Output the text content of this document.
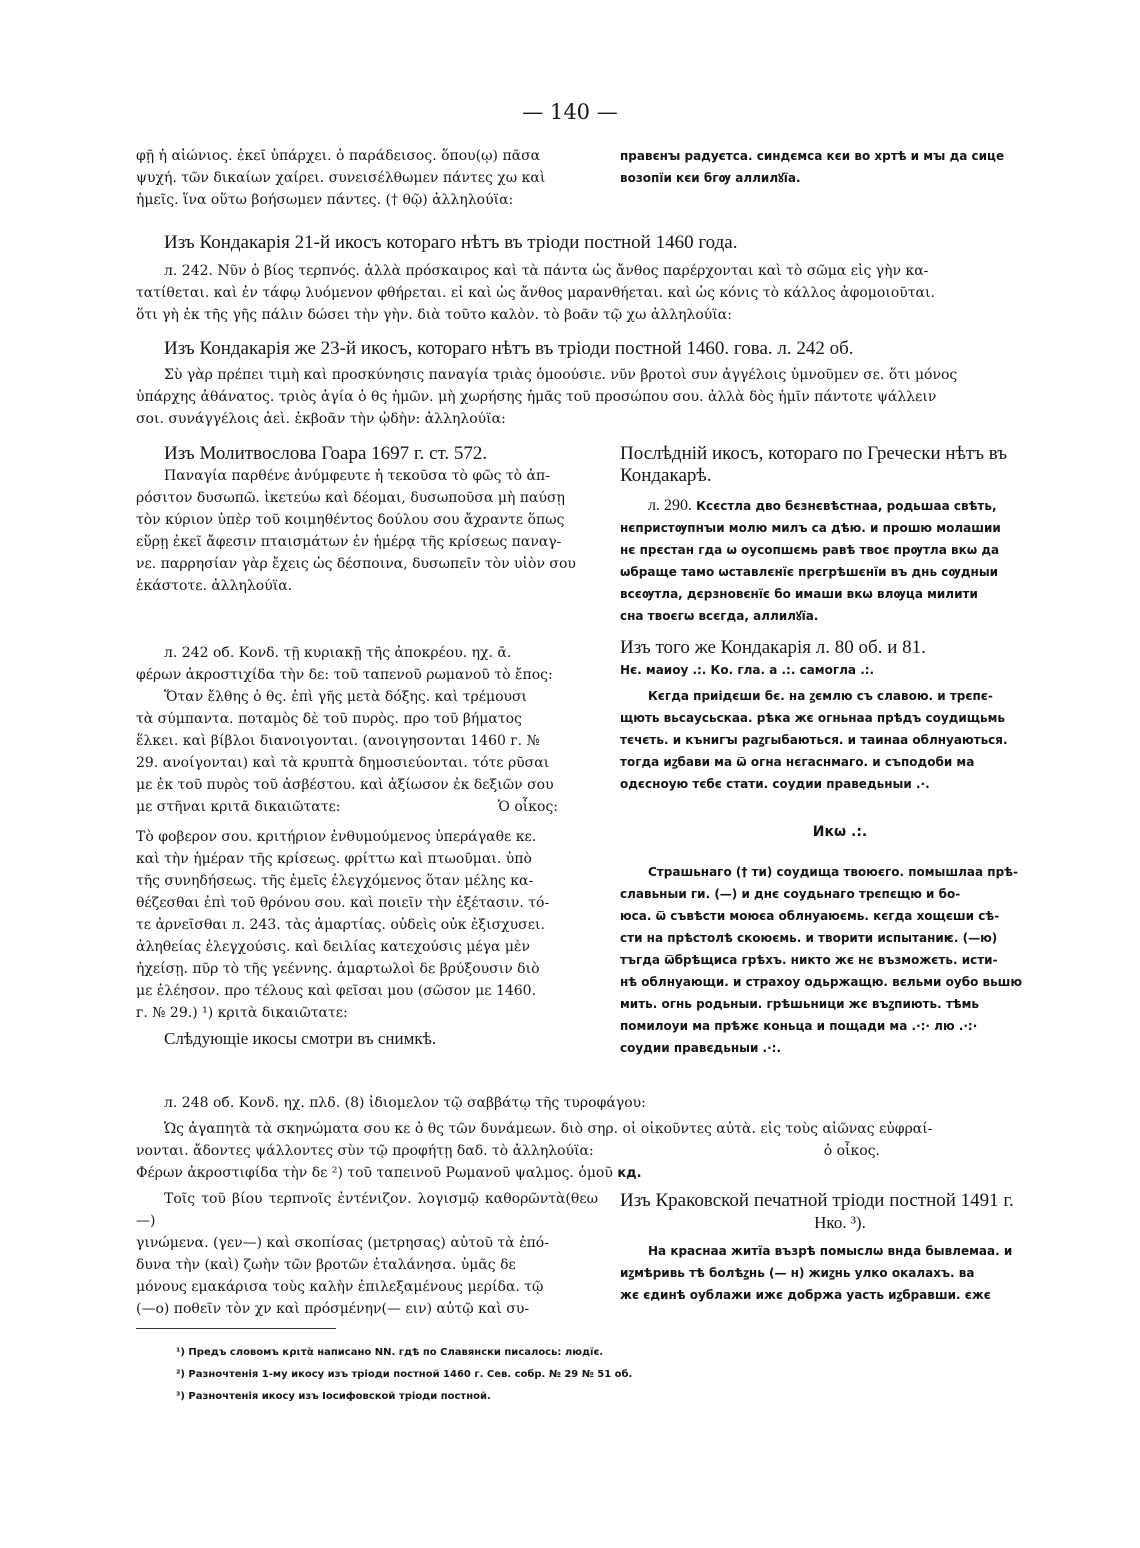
— 140 —

φῇ ἡ αἰώνιος. ἐκεῖ ὑπάρχει. ὁ παράδεισος. ὅπου(ῳ) πᾶσα

ψυχή. τῶν δικαίων χαίρει. συνεισέλθωμεν πάντες χω καὶ

ἡμεῖς. ἵνα οὕτω βοήσωμεν πάντες. († θῷ) ἀλληλούϊα:

правєнꙑ радуєтса. синдємса кєи во хртѣ и мꙑ да сице

возопїи кєи бгѹ аллилꙋїа.

Изъ Кондакарія 21-й икосъ котораго нѣтъ въ тріоди постной 1460 года.

л. 242. Νῦν ὁ βίος τερπνός. ἀλλὰ πρόσκαιρος καὶ τὰ πάντα ὡς ἄνθος παρέρχονται καὶ τὸ σῶμα εἰς γὴν κα-

τατίθεται. καὶ ἐν τάφῳ λυόμενον φθήρεται. εἰ καὶ ὡς ἄνθος μαρανθήεται. καὶ ὡς κόνις τὸ κάλλος ἀφομοιοῦται.

ὅτι γὴ ἐκ τῆς γῆς πάλιν δώσει τὴν γὴν. διὰ τοῦτο καλὸν. τὸ βοᾶν τῷ χω ἀλληλούϊα:

Изъ Кондакарія же 23-й икосъ, котораго нѣтъ въ тріоди постной 1460. гова. л. 242 об.

Σὺ γὰρ πρέπει τιμὴ καὶ προσκύνησις παναγία τριὰς ὁμοούσιε. νῦν βροτοὶ συν ἀγγέλοις ὑμνοῦμεν σε. ὅτι μόνος

ὑπάρχης ἀθάνατος. τριὸς ἁγία ὁ θς ἡμῶν. μὴ χωρήσης ἡμᾶς τοῦ προσώπου σου. ἀλλὰ δὸς ἡμῖν πάντοτε ψάλλειν

σοι. συνάγγέλοις ἀεὶ. ἐκβοᾶν τὴν ᾠδὴν: ἀλληλούϊα:

Изъ Молитвослова Гоара 1697 г. ст. 572.

Παναγία παρθένε ἀνύμφευτε ἡ τεκοῦσα τὸ φῶς τὸ ἀπ-

ρόσιτον δυσωπῶ. ἱκετεύω καὶ δέομαι, δυσωποῦσα μὴ παύσῃ

τὸν κύριον ὑπὲρ τοῦ κοιμηθέντος δούλου σου ἄχραντε ὅπως

εὕρῃ ἐκεῖ ἄφεσιν πταισμάτων ἐν ἡμέρᾳ τῆς κρίσεως παναγ-

νε. παρρησίαν γὰρ ἔχεις ὡς δέσποινα, δυσωπεῖν τὸν υἱὸν σου

ἑκάστοτε. ἀλληλούϊα.

л. 242 об. Κονδ. τῇ κυριακῇ τῆς ἀποκρέου. ηχ. ᾱ.

φέρων ἀκροστιχίδα τὴν δε: τοῦ ταπενοῦ ρωμανοῦ τὸ ἔπος:

Ὅταν ἔλθης ὁ θς. ἐπὶ γῆς μετὰ δόξης. καὶ τρέμουσι

τὰ σύμπαντα. ποταμὸς δὲ τοῦ πυρὸς. προ τοῦ βήματος

ἕλκει. καὶ βίβλοι διανοιγονται. (ανοιγησονται 1460 г. №

29. ανοίγονται) καὶ τὰ κρυπτὰ δημοσιεύονται. τότε ρῦσαι

με ἐκ τοῦ πυρὸς τοῦ ἀσβέστου. καὶ ἀξίωσον ἐκ δεξιῶν σου

με στῆναι κριτᾶ δικαιῶτατε:	Ὁ οἶκος:

Τὸ φοβερον σου. κριτήριον ἐνθυμούμενος ὑπεράγαθε κε.

καὶ τὴν ἡμέραν τῆς κρίσεως. φρίττω καὶ πτωοῦμαι. ὑπὸ

τῆς συνηδήσεως. τῆς ἐμεῖς ἐλεγχόμενος ὅταν μέλης κα-

θέζεσθαι ἐπὶ τοῦ θρόνου σου. καὶ ποιεῖν τὴν ἐξέτασιν. τό-

τε ἀρνεῖσθαι л. 243. τὰς ἁμαρτίας. οὐδεὶς οὐκ ἐξισχυσει.

ἀληθείας ἐλεγχούσις. καὶ δειλίας κατεχούσις μέγα μὲν

ἠχείσῃ. πῦρ τὸ τῆς γεέννης. ἁμαρτωλοὶ δε βρύξουσιν διὸ

με ἐλέησον. προ τέλους καὶ φεῖσαι μου (σῶσον με 1460.

г. № 29.) ¹) κριτὰ δικαιῶτατε:

Слѣдующіе икосы смотри въ снимкѣ.

Послѣдній икосъ, котораго по Гречески нѣтъ въ Кондакарѣ.

л. 290. Ксєстла дво бєзнєвѣстнаа, родьшаа свѣть,

нєпристѹпнꙑи молю милъ са дѣю. и прошю молашии

нє прєстан гда ѡ оусопшємь равѣ твоє прѹтла вкѡ да

ѡбраще тамо ѡставлєнїє прєгрѣшєнїи въ днь сѹдныи

всєѹтла, дєрзновєнїє бо имаши вкѡ влѹца милити

сна твоєгѡ всєгда, аллилꙋїа.

Изъ того же Кондакарія л. 80 об. и 81.

Нє. маиоу .:. Ко. гла. а .:. самогла .:.

Кєгда приідєши бє. на ꙁємлю съ славою. и трєпє-

щють вьсаусьскаа. рѣка жє огньнаа прѣдъ соудищьмь

тєчєть. и кънигꙑ раꙁгыбаються. и таинаа облнуаються.

тогда иꙁбави ма ѿ огна нєгаснмаго. и съподоби ма

одєсноую тєбє стати. соудии праведьныи .·.

Икω .:.

Страшьнаго († ти) соудища твоюєго. помышлаа прѣ-

славьныи ги. (—) и днє соудьнаго трєпєщю и бо-

юса. ѿ съвѣсти моюєа облнуаюємь. кєгда хощєши сѣ-

сти на прѣстолѣ скоюємь. и творити испытаниѥ. (—ю)

тъгда ѿбрѣщиса грѣхъ. никто жє нє възможєть. исти-

нѣ облнуающи. и страхоу одьржащю. вєльми оубо вьшю

мить. огнь родьныи. грѣшьници жє въꙁпиють. тѣмь

помилоуи ма прѣжє коньца и пощади ма .·:· лю .·:·

соудии правєдьныи .·:.

л. 248 об. Κονδ. ηχ. πλδ. (8) ἰδιομελον τῷ σαββάτῳ τῆς τυροφάγου:

Ὡς ἀγαπητὰ τὰ σκηνώματα σου κε ὁ θς τῶν δυνάμεων. διὸ σηρ. οἱ οἰκοῦντες αὐτὰ. εἰς τοὺς αἰῶνας εὐφραί-

νονται. ἄδοντες ψάλλοντες σὺν τῷ προφήτῃ δαδ. τὸ ἀλληλούϊα:	ὁ οἶκος.

Φέρων ἀκροστιφίδα τὴν δε ²) τοῦ ταπεινοῦ Ρωμανοῦ ψαλμος. ὁμοῦ кд.

Τοῖς τοῦ βίου τερπνοῖς ἐντένιζον. λογισμῷ καθορῶντὰ(θεω—)

γινώμενα. (γεν—) καὶ σκοπίσας (μετρησας) αὐτοῦ τὰ ἐπό-

δυνα τὴν (καὶ) ζωὴν τῶν βροτῶν ἐταλάνησα. ὑμᾶς δε

μόνους εμακάρισα τοὺς καλὴν ἐπιλεξαμένους μερίδα. τῷ

(—ο) ποθεῖν τὸν χν καὶ πρόσμένην(— ειν) αὐτῷ καὶ συ-

Изъ Краковской печатной тріоди постной 1491 г.

Нко. ³).

На краснаа житїа възрѣ помыслѡ внда бывлемаа. и

иꙁмѣривь тѣ болѣꙁнь (— н) жиꙁнь улко окалахъ. ва

жє єдинѣ оублажи ижє добржа уасть иꙁбравши. єжє

¹) Предъ словомъ κριτὰ написано NN. гдѣ по Славянски писалось: людїє.
²) Разночтенія 1-му икосу изъ тріоди постной 1460 г. Сев. собр. № 29 № 51 об.
³) Разночтенія икосу изъ Іосифовской тріоди постной.
